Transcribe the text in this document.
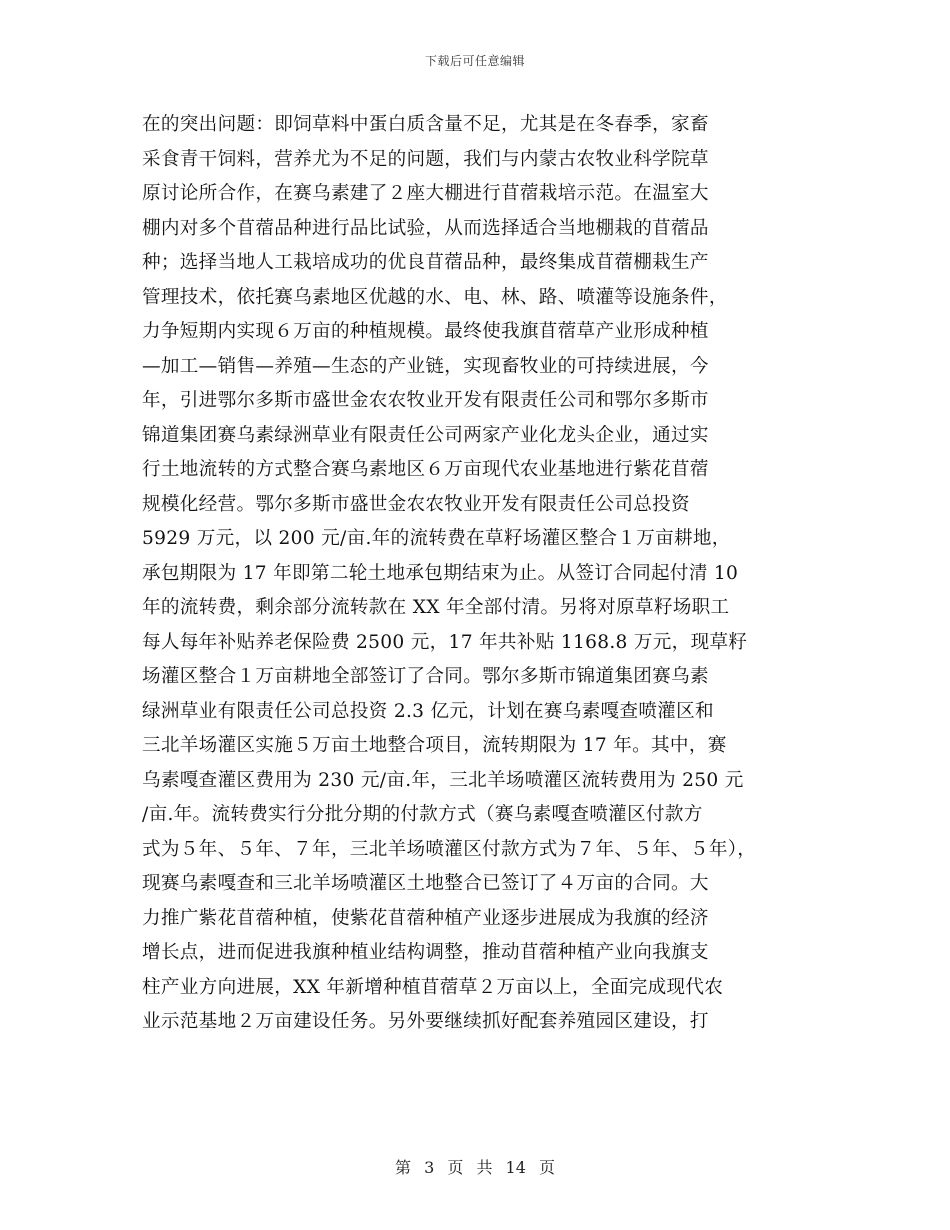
下载后可任意编辑
在的突出问题：即饲草料中蛋白质含量不足，尤其是在冬春季，家畜
采食青干饲料，营养尤为不足的问题，我们与内蒙古农牧业科学院草
原讨论所合作，在赛乌素建了２座大棚进行苜蓿栽培示范。在温室大
棚内对多个苜蓿品种进行品比试验，从而选择适合当地棚栽的苜蓿品
种；选择当地人工栽培成功的优良苜蓿品种，最终集成苜蓿棚栽生产
管理技术，依托赛乌素地区优越的水、电、林、路、喷灌等设施条件，
力争短期内实现６万亩的种植规模。最终使我旗苜蓿草产业形成种植
—加工—销售—养殖—生态的产业链，实现畜牧业的可持续进展，今
年，引进鄂尔多斯市盛世金农农牧业开发有限责任公司和鄂尔多斯市
锦道集团赛乌素绿洲草业有限责任公司两家产业化龙头企业，通过实
行土地流转的方式整合赛乌素地区６万亩现代农业基地进行紫花苜蓿
规模化经营。鄂尔多斯市盛世金农农牧业开发有限责任公司总投资
5929 万元，以 200 元/亩.年的流转费在草籽场灌区整合１万亩耕地，
承包期限为 17 年即第二轮土地承包期结束为止。从签订合同起付清 10
年的流转费，剩余部分流转款在 XX 年全部付清。另将对原草籽场职工
每人每年补贴养老保险费 2500 元，17 年共补贴 1168.8 万元，现草籽
场灌区整合１万亩耕地全部签订了合同。鄂尔多斯市锦道集团赛乌素
绿洲草业有限责任公司总投资 2.3 亿元，计划在赛乌素嘎查喷灌区和
三北羊场灌区实施５万亩土地整合项目，流转期限为 17 年。其中，赛
乌素嘎查灌区费用为 230 元/亩.年，三北羊场喷灌区流转费用为 250 元
/亩.年。流转费实行分批分期的付款方式（赛乌素嘎查喷灌区付款方
式为５年、５年、７年，三北羊场喷灌区付款方式为７年、５年、５年），
现赛乌素嘎查和三北羊场喷灌区土地整合已签订了４万亩的合同。大
力推广紫花苜蓿种植，使紫花苜蓿种植产业逐步进展成为我旗的经济
增长点，进而促进我旗种植业结构调整，推动苜蓿种植产业向我旗支
柱产业方向进展，XX 年新增种植苜蓿草２万亩以上，全面完成现代农
业示范基地２万亩建设任务。另外要继续抓好配套养殖园区建设，打
第 3 页 共 14 页
